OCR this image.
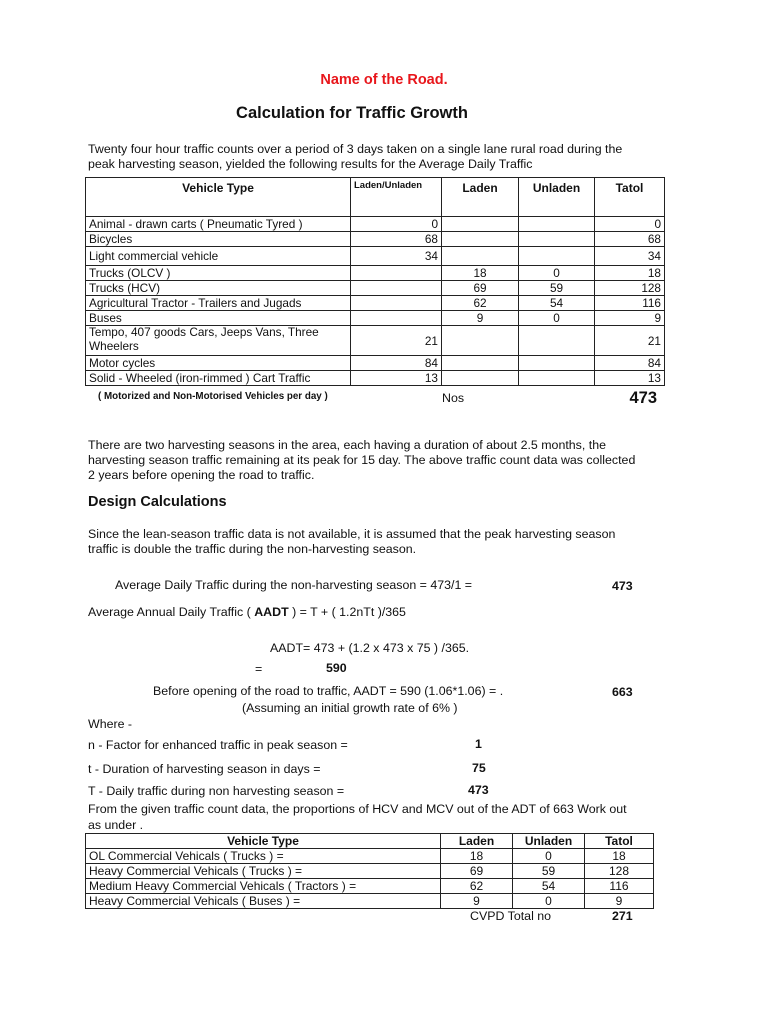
Name of the Road.
Calculation for Traffic Growth
Twenty four hour traffic counts over a period of 3 days taken on a single lane rural road during the
peak harvesting season, yielded the following results for the Average Daily Traffic
Vehicle Type	Laden/Unladen	Laden	Unladen	Tatol
Animal - drawn carts ( Pneumatic Tyred )	0			0
Bicycles	68			68
Light commercial vehicle	34			34
Trucks (OLCV )		18	0	18
Trucks (HCV)		69	59	128
Agricultural Tractor - Trailers and Jugads		62	54	116
Buses		9	0	9

Tempo, 407 goods Cars, Jeeps Vans, Three
Wheelers	21			21
Motor cycles	84			84
Solid - Wheeled (iron-rimmed ) Cart Traffic	13			13
( Motorized and Non-Motorised Vehicles per day )	Nos	473
There are two harvesting seasons in the area, each having a duration of about 2.5 months, the
harvesting season traffic remaining at its peak for 15 day. The above traffic count data was collected
2 years before opening the road to traffic.
Design Calculations
Since the lean-season traffic data is not available, it is assumed that the peak harvesting season
traffic is double the traffic during the non-harvesting season.
Average Daily Traffic during the non-harvesting season = 473/1 =	473
Average Annual Daily Traffic ( AADT ) = T + ( 1.2nTt )/365
AADT= 473 + (1.2 x 473 x 75 ) /365.
=	590
Before opening of the road to traffic, AADT = 590 (1.06*1.06) = .	663
(Assuming an initial growth rate of 6% )
Where -
n - Factor for enhanced traffic in peak season =	1
t - Duration of harvesting season in days =	75
T - Daily traffic during non harvesting season =	473
From the given traffic count data, the proportions of HCV and MCV out of the ADT of 663 Work out
as under .
Vehicle Type	Laden	Unladen	Tatol
OL Commercial Vehicals ( Trucks ) =	18	0	18
Heavy Commercial Vehicals ( Trucks ) =	69	59	128
Medium Heavy Commercial Vehicals ( Tractors ) =	62	54	116
Heavy Commercial Vehicals ( Buses ) =	9	0	9
CVPD Total no	271
